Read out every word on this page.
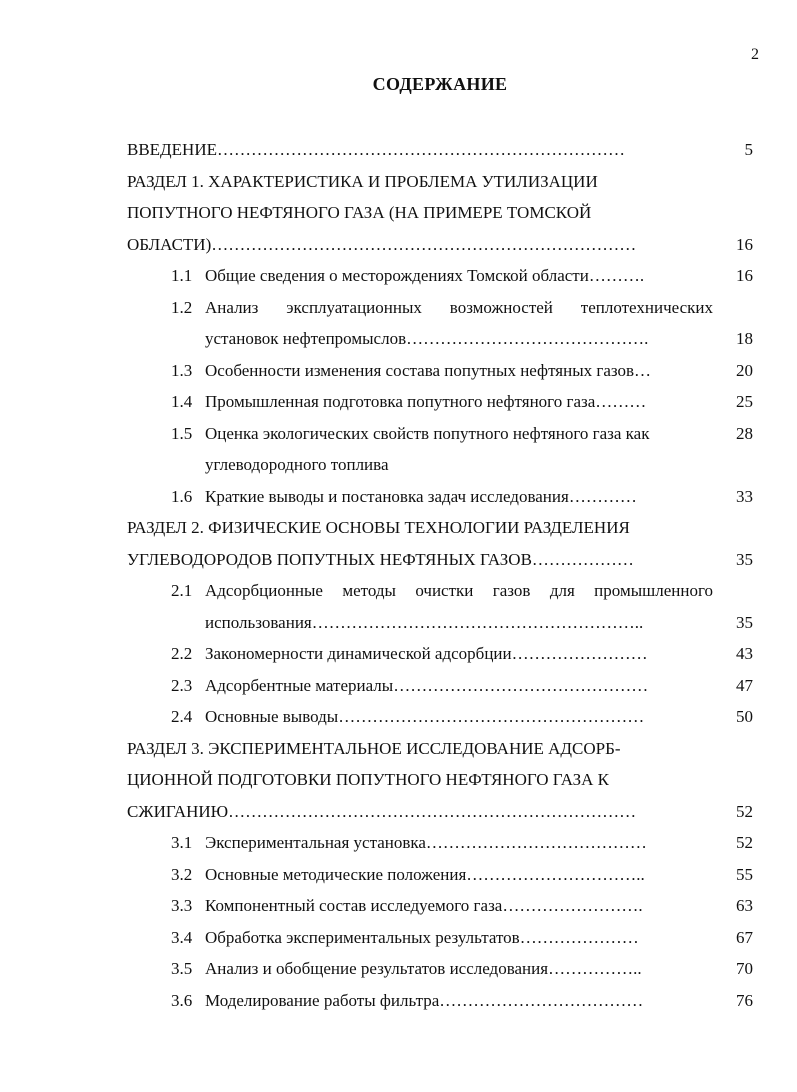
2
СОДЕРЖАНИЕ
ВВЕДЕНИЕ………………………………………………………………	5
РАЗДЕЛ 1. ХАРАКТЕРИСТИКА И ПРОБЛЕМА УТИЛИЗАЦИИ
ПОПУТНОГО НЕФТЯНОГО ГАЗА (НА ПРИМЕРЕ ТОМСКОЙ
ОБЛАСТИ)…………………………………………………………………	16
1.1 Общие сведения о месторождениях Томской области……….	16
1.2 Анализ эксплуатационных возможностей теплотехнических
установок нефтепромыслов…………………………………….	18
1.3 Особенности изменения состава попутных нефтяных газов…	20
1.4 Промышленная подготовка попутного нефтяного газа………	25
1.5 Оценка экологических свойств попутного нефтяного газа как	28
углеводородного топлива
1.6 Краткие выводы и постановка задач исследования…………	33
РАЗДЕЛ 2. ФИЗИЧЕСКИЕ ОСНОВЫ ТЕХНОЛОГИИ РАЗДЕЛЕНИЯ
УГЛЕВОДОРОДОВ ПОПУТНЫХ НЕФТЯНЫХ ГАЗОВ………………	35
2.1 Адсорбционные методы очистки газов для промышленного
использования…………………………………………………..	35
2.2 Закономерности динамической адсорбции……………………	43
2.3 Адсорбентные материалы………………………………………	47
2.4 Основные выводы………………………………………………	50
РАЗДЕЛ 3. ЭКСПЕРИМЕНТАЛЬНОЕ ИССЛЕДОВАНИЕ АДСОРБ-
ЦИОННОЙ ПОДГОТОВКИ ПОПУТНОГО НЕФТЯНОГО ГАЗА К
СЖИГАНИЮ………………………………………………………………	52
3.1 Экспериментальная установка…………………………………	52
3.2 Основные методические положения…………………………..	55
3.3 Компонентный состав исследуемого газа…………………….	63
3.4 Обработка экспериментальных результатов…………………	67
3.5 Анализ и обобщение результатов исследования……………..	70
3.6 Моделирование работы фильтра………………………………	76
